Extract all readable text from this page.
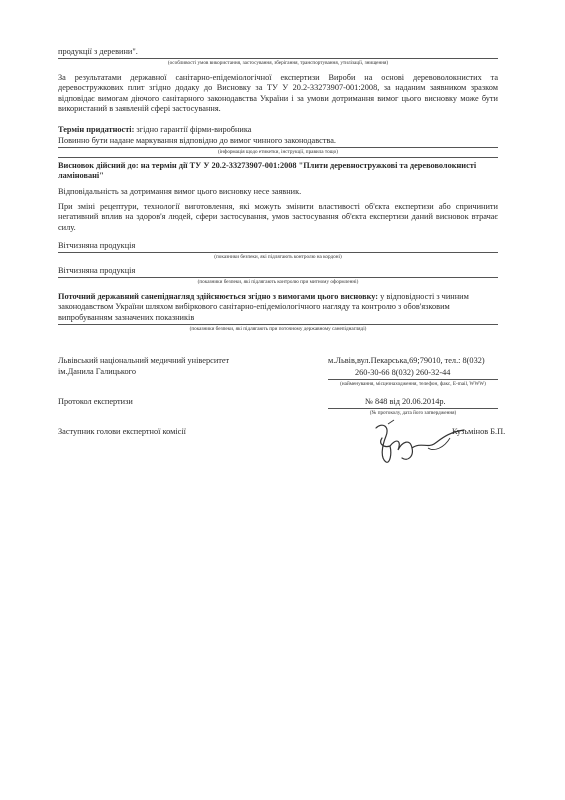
продукції з деревини".
(особливості умов використання, застосування, зберігання, транспортування, утилізації, знищення)
За результатами державної санітарно-епідеміологічної експертизи Вироби на основі деревоволокнистих та деревостружкових плит згідно додаку до Висновку за ТУ У 20.2-33273907-001:2008, за наданим заявником зразком відповідає вимогам діючого санітарного законодавства України і за умови дотримання вимог цього висновку може бути використаний в заявленій сфері застосування.
Термін придатності: згідно гарантії фірми-виробника
Повинно бути надане маркування відповідно до вимог чинного законодавства.
(інформація щодо етикетки, інструкції, правила тощо)
Висновок дійсний до: на термін дії ТУ У 20.2-33273907-001:2008 "Плити деревностружкові та деревоволокнисті ламіновані"
Відповідальність за дотримання вимог цього висновку несе заявник.
При зміні рецептури, технології виготовлення, які можуть змінити властивості об'єкта експертизи або спричинити негативний вплив на здоров'я людей, сфери застосування, умов застосування об'єкта експертизи даний висновок втрачає силу.
Вітчизняна продукція
(показники безпеки, які підлягають контролю на кордоні)
Вітчизняна продукція
(показники безпеки, які підлягають контролю при митному оформленні)
Поточний державний санепіднагляд здійснюється згідно з вимогами цього висновку: у відповідності з чинним законодавством України шляхом вибіркового санітарно-епідеміологічного нагляду та контролю з обов'язковим випробуванням зазначених показників
(показники безпеки, які підлягають при поточному державному санепіднагляді)
Львівський національний медичний університет
ім.Данила Галицького
м.Львів,вул.Пекарська,69;79010, тел.: 8(032)
260-30-66 8(032) 260-32-44
(найменування, місцезнаходження, телефон, факс, E-mail, WWW)
Протокол експертизи	№ 848 від 20.06.2014р.
(№ протоколу, дата його затвердження)
Заступник голови експертної комісії	Кузьмінов Б.П.
